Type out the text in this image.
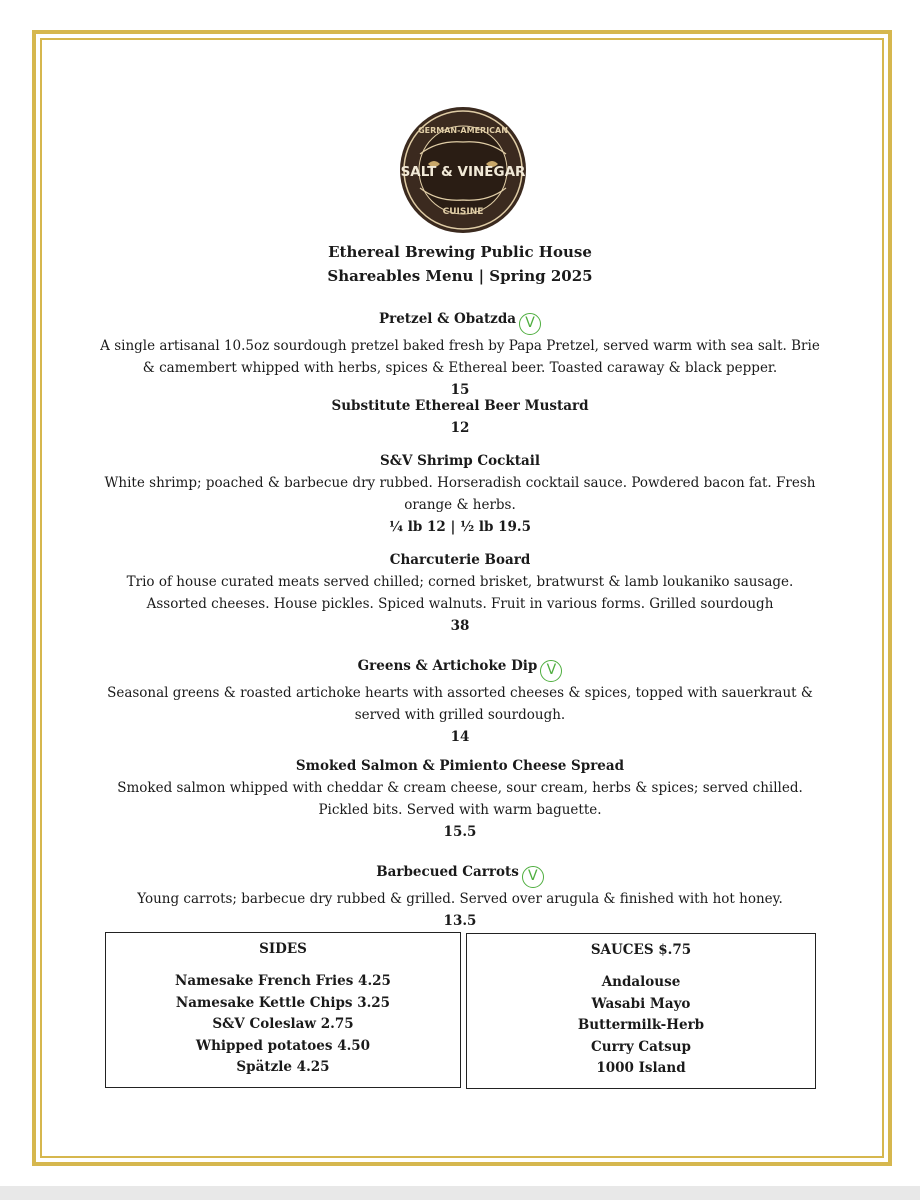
GERMAN-AMERICAN
SALT & VINEGAR
CUISINE
Ethereal Brewing Public House
Shareables Menu | Spring 2025
Pretzel & Obatzda V
A single artisanal 10.5oz sourdough pretzel baked fresh by Papa Pretzel, served warm with sea salt. Brie & camembert whipped with herbs, spices & Ethereal beer. Toasted caraway & black pepper.
15
Substitute Ethereal Beer Mustard
12
S&V Shrimp Cocktail
White shrimp; poached & barbecue dry rubbed. Horseradish cocktail sauce. Powdered bacon fat. Fresh orange & herbs.
¼ lb 12 | ½ lb 19.5
Charcuterie Board
Trio of house curated meats served chilled; corned brisket, bratwurst & lamb loukaniko sausage. Assorted cheeses. House pickles. Spiced walnuts. Fruit in various forms. Grilled sourdough
38
Greens & Artichoke Dip V
Seasonal greens & roasted artichoke hearts with assorted cheeses & spices, topped with sauerkraut & served with grilled sourdough.
14
Smoked Salmon & Pimiento Cheese Spread
Smoked salmon whipped with cheddar & cream cheese, sour cream, herbs & spices; served chilled. Pickled bits. Served with warm baguette.
15.5
Barbecued Carrots V
Young carrots; barbecue dry rubbed & grilled. Served over arugula & finished with hot honey.
13.5
SIDES
Namesake French Fries 4.25
Namesake Kettle Chips 3.25
S&V Coleslaw 2.75
Whipped potatoes 4.50
Spätzle 4.25
SAUCES $.75
Andalouse
Wasabi Mayo
Buttermilk-Herb
Curry Catsup
1000 Island
